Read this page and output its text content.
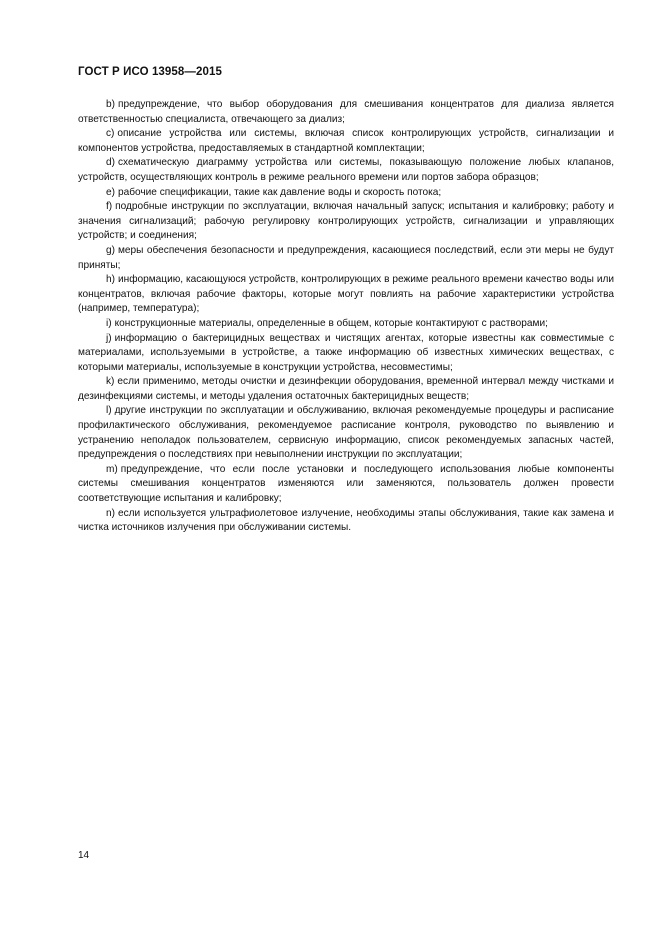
ГОСТ Р ИСО 13958—2015

b) предупреждение, что выбор оборудования для смешивания концентратов для диализа является ответственностью специалиста, отвечающего за диализ;

c) описание устройства или системы, включая список контролирующих устройств, сигнализации и компонентов устройства, предоставляемых в стандартной комплектации;

d) схематическую диаграмму устройства или системы, показывающую положение любых клапанов, устройств, осуществляющих контроль в режиме реального времени или портов забора образцов;

e) рабочие спецификации, такие как давление воды и скорость потока;

f) подробные инструкции по эксплуатации, включая начальный запуск; испытания и калибровку; работу и значения сигнализаций; рабочую регулировку контролирующих устройств, сигнализации и управляющих устройств; и соединения;

g) меры обеспечения безопасности и предупреждения, касающиеся последствий, если эти меры не будут приняты;

h) информацию, касающуюся устройств, контролирующих в режиме реального времени качество воды или концентратов, включая рабочие факторы, которые могут повлиять на рабочие характеристики устройства (например, температура);

i) конструкционные материалы, определенные в общем, которые контактируют с растворами;

j) информацию о бактерицидных веществах и чистящих агентах, которые известны как совместимые с материалами, используемыми в устройстве, а также информацию об известных химических веществах, с которыми материалы, используемые в конструкции устройства, несовместимы;

k) если применимо, методы очистки и дезинфекции оборудования, временной интервал между чистками и дезинфекциями системы, и методы удаления остаточных бактерицидных веществ;

l) другие инструкции по эксплуатации и обслуживанию, включая рекомендуемые процедуры и расписание профилактического обслуживания, рекомендуемое расписание контроля, руководство по выявлению и устранению неполадок пользователем, сервисную информацию, список рекомендуемых запасных частей, предупреждения о последствиях при невыполнении инструкции по эксплуатации;

m) предупреждение, что если после установки и последующего использования любые компоненты системы смешивания концентратов изменяются или заменяются, пользователь должен провести соответствующие испытания и калибровку;

n) если используется ультрафиолетовое излучение, необходимы этапы обслуживания, такие как замена и чистка источников излучения при обслуживании системы.

14
